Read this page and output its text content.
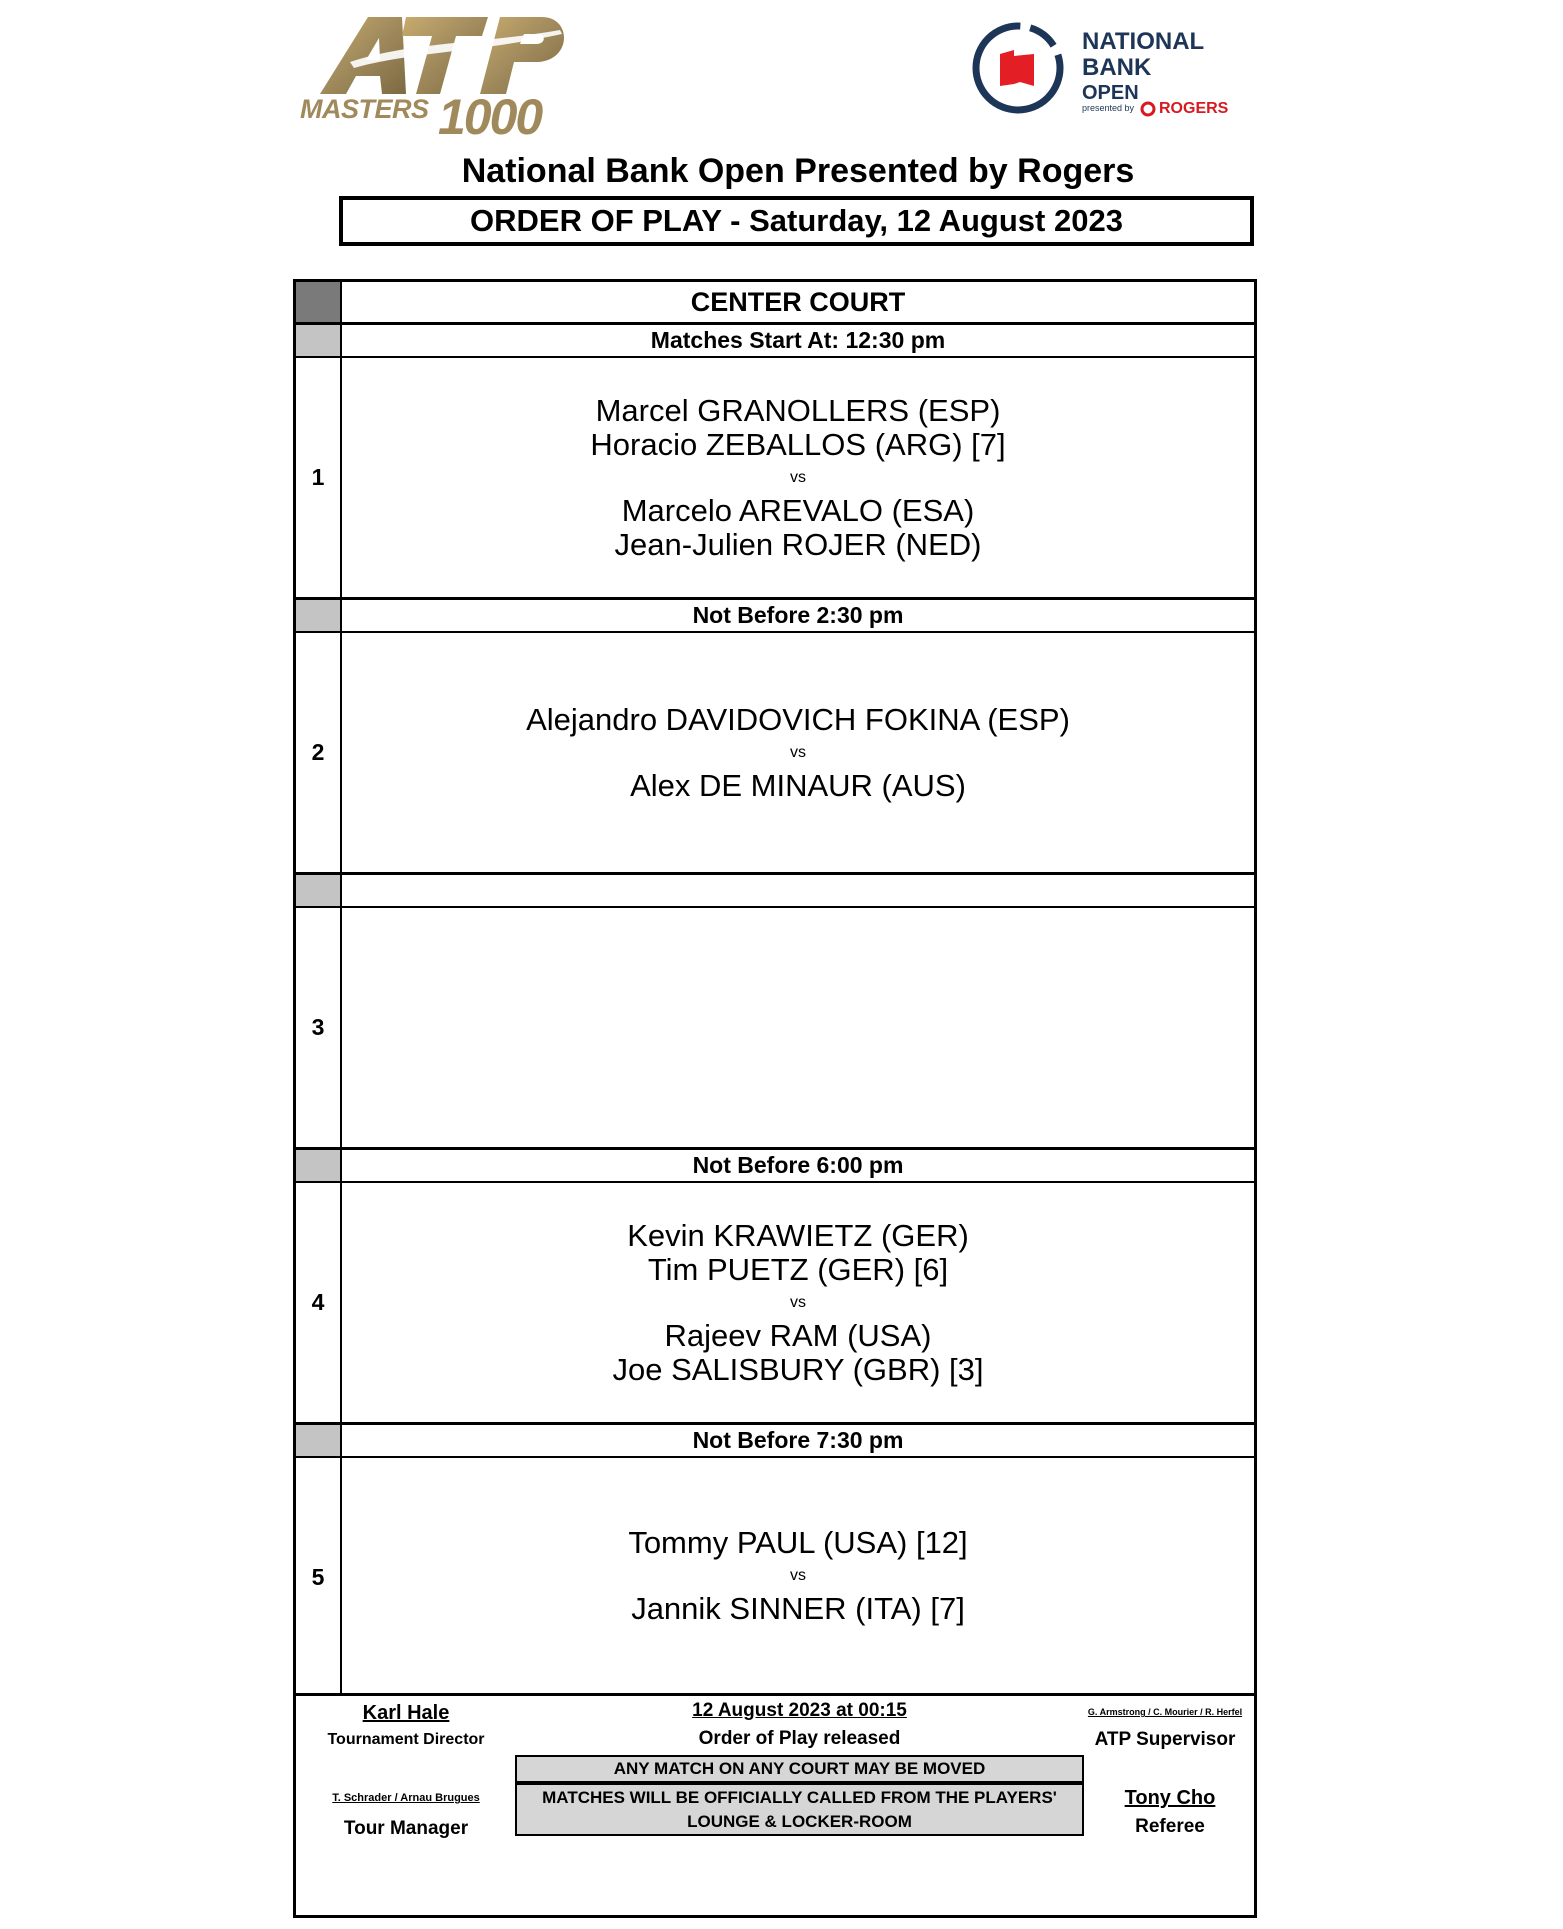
MASTERS 1000
NATIONAL
BANK
OPEN
presented by ROGERS
National Bank Open Presented by Rogers
ORDER OF PLAY - Saturday, 12 August 2023
CENTER COURT
Matches Start At: 12:30 pm
1
Marcel GRANOLLERS (ESP)
Horacio ZEBALLOS (ARG) [7]
vs
Marcelo AREVALO (ESA)
Jean-Julien ROJER (NED)
Not Before 2:30 pm
2
Alejandro DAVIDOVICH FOKINA (ESP)
vs
Alex DE MINAUR (AUS)
3
Not Before 6:00 pm
4
Kevin KRAWIETZ (GER)
Tim PUETZ (GER) [6]
vs
Rajeev RAM (USA)
Joe SALISBURY (GBR) [3]
Not Before 7:30 pm
5
Tommy PAUL (USA) [12]
vs
Jannik SINNER (ITA) [7]
Karl Hale
Tournament Director
12 August 2023 at 00:15
Order of Play released
G. Armstrong / C. Mourier / R. Herfel
ATP Supervisor
ANY MATCH ON ANY COURT MAY BE MOVED
MATCHES WILL BE OFFICIALLY CALLED FROM THE PLAYERS' LOUNGE & LOCKER-ROOM
T. Schrader / Arnau Brugues
Tour Manager
Tony Cho
Referee
